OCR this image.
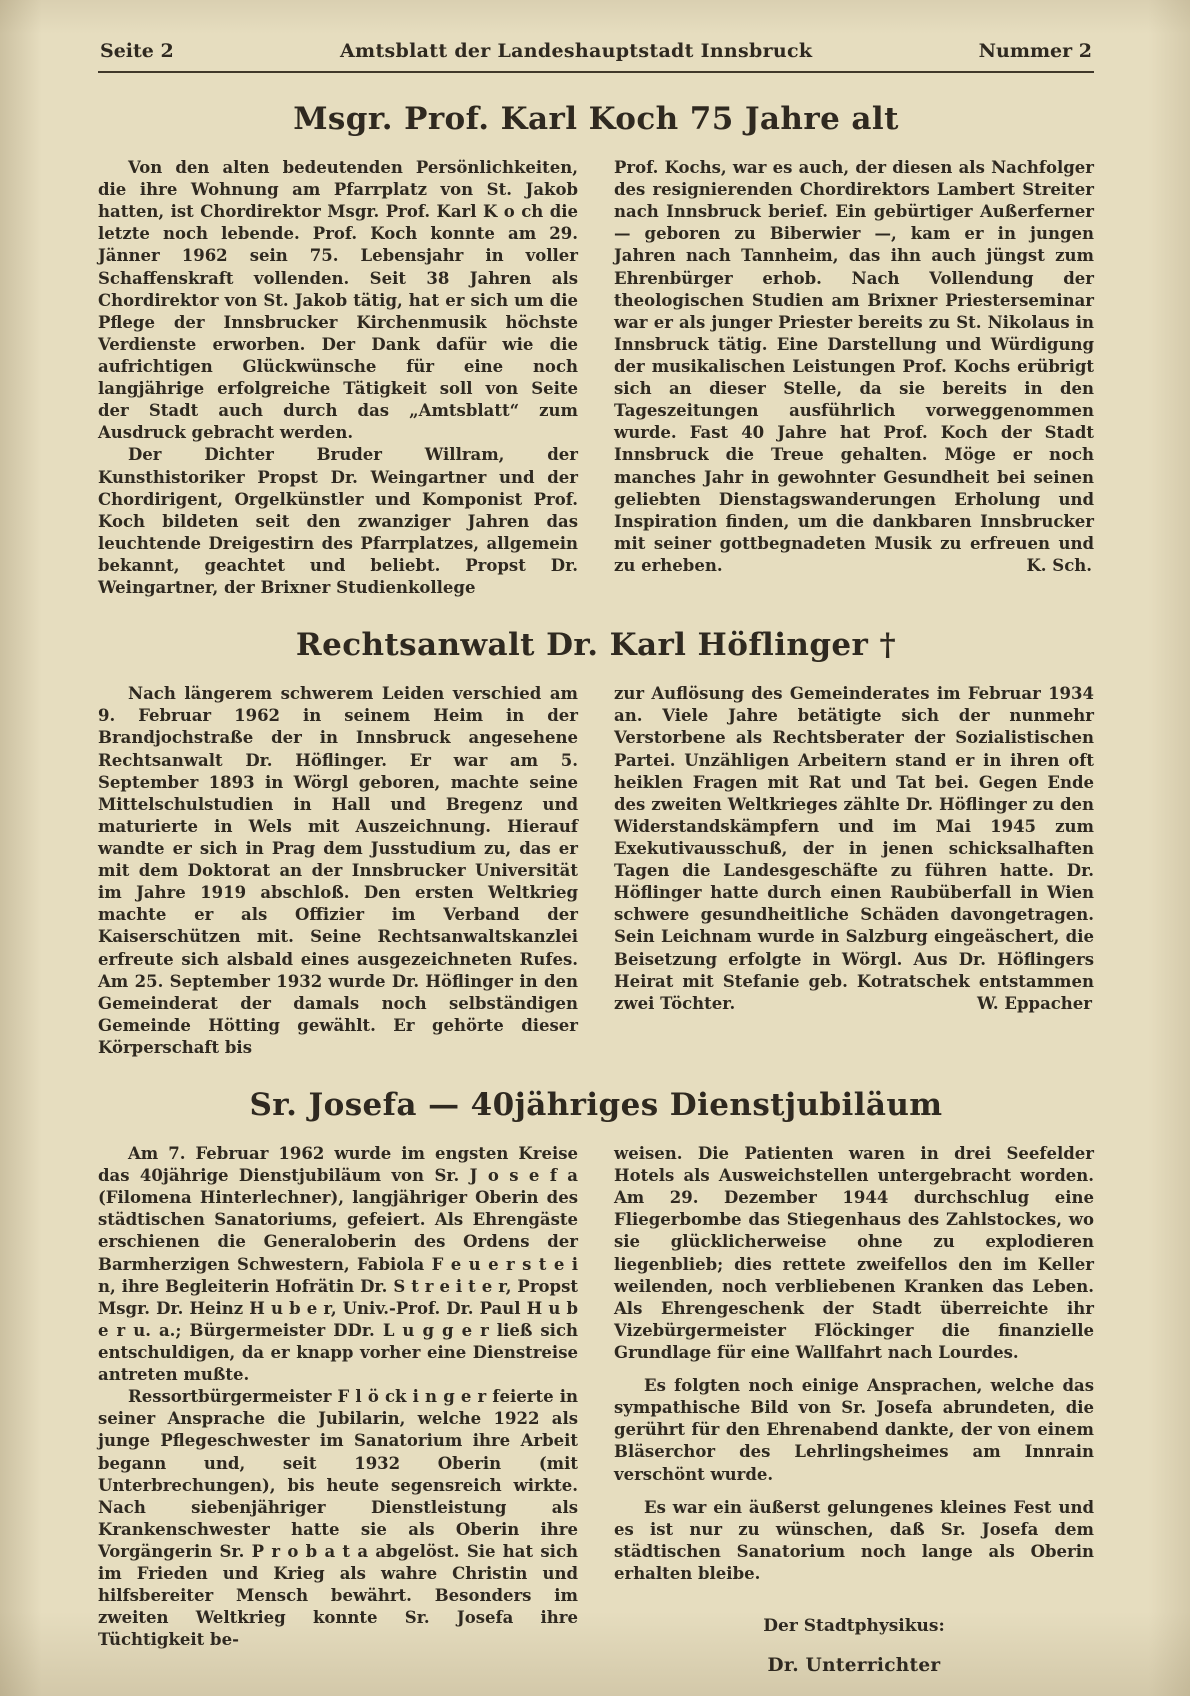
Seite 2	Amtsblatt der Landeshauptstadt Innsbruck	Nummer 2
Msgr. Prof. Karl Koch 75 Jahre alt

Von den alten bedeutenden Persönlichkeiten, die ihre Wohnung am Pfarrplatz von St. Jakob hatten, ist Chordirektor Msgr. Prof. Karl K o ch die letzte noch lebende. Prof. Koch konnte am 29. Jänner 1962 sein 75. Lebensjahr in voller Schaffenskraft vollenden. Seit 38 Jahren als Chordirektor von St. Jakob tätig, hat er sich um die Pflege der Innsbrucker Kirchenmusik höchste Verdienste erworben. Der Dank dafür wie die aufrichtigen Glückwünsche für eine noch langjährige erfolgreiche Tätigkeit soll von Seite der Stadt auch durch das „Amtsblatt“ zum Ausdruck gebracht werden.

Der Dichter Bruder Willram, der Kunsthistoriker Propst Dr. Weingartner und der Chordirigent, Orgelkünstler und Komponist Prof. Koch bildeten seit den zwanziger Jahren das leuchtende Dreigestirn des Pfarrplatzes, allgemein bekannt, geachtet und beliebt. Propst Dr. Weingartner, der Brixner Studienkollege

Prof. Kochs, war es auch, der diesen als Nachfolger des resignierenden Chordirektors Lambert Streiter nach Innsbruck berief. Ein gebürtiger Außerferner — geboren zu Biberwier —, kam er in jungen Jahren nach Tannheim, das ihn auch jüngst zum Ehrenbürger erhob. Nach Vollendung der theologischen Studien am Brixner Priesterseminar war er als junger Priester bereits zu St. Nikolaus in Innsbruck tätig. Eine Darstellung und Würdigung der musikalischen Leistungen Prof. Kochs erübrigt sich an dieser Stelle, da sie bereits in den Tageszeitungen ausführlich vorweggenommen wurde. Fast 40 Jahre hat Prof. Koch der Stadt Innsbruck die Treue gehalten. Möge er noch manches Jahr in gewohnter Gesundheit bei seinen geliebten Dienstagswanderungen Erholung und Inspiration finden, um die dankbaren Innsbrucker mit seiner gottbegnadeten Musik zu erfreuen und zu erheben.	K. Sch.
Rechtsanwalt Dr. Karl Höflinger †

Nach längerem schwerem Leiden verschied am 9. Februar 1962 in seinem Heim in der Brandjochstraße der in Innsbruck angesehene Rechtsanwalt Dr. Höflinger. Er war am 5. September 1893 in Wörgl geboren, machte seine Mittelschulstudien in Hall und Bregenz und maturierte in Wels mit Auszeichnung. Hierauf wandte er sich in Prag dem Jusstudium zu, das er mit dem Doktorat an der Innsbrucker Universität im Jahre 1919 abschloß. Den ersten Weltkrieg machte er als Offizier im Verband der Kaiserschützen mit. Seine Rechtsanwaltskanzlei erfreute sich alsbald eines ausgezeichneten Rufes. Am 25. September 1932 wurde Dr. Höflinger in den Gemeinderat der damals noch selbständigen Gemeinde Hötting gewählt. Er gehörte dieser Körperschaft bis

zur Auflösung des Gemeinderates im Februar 1934 an. Viele Jahre betätigte sich der nunmehr Verstorbene als Rechtsberater der Sozialistischen Partei. Unzähligen Arbeitern stand er in ihren oft heiklen Fragen mit Rat und Tat bei. Gegen Ende des zweiten Weltkrieges zählte Dr. Höflinger zu den Widerstandskämpfern und im Mai 1945 zum Exekutivausschuß, der in jenen schicksalhaften Tagen die Landesgeschäfte zu führen hatte. Dr. Höflinger hatte durch einen Raubüberfall in Wien schwere gesundheitliche Schäden davongetragen. Sein Leichnam wurde in Salzburg eingeäschert, die Beisetzung erfolgte in Wörgl. Aus Dr. Höflingers Heirat mit Stefanie geb. Kotratschek entstammen zwei Töchter.	W. Eppacher
Sr. Josefa — 40jähriges Dienstjubiläum

Am 7. Februar 1962 wurde im engsten Kreise das 40jährige Dienstjubiläum von Sr. J o s e f a (Filomena Hinterlechner), langjähriger Oberin des städtischen Sanatoriums, gefeiert. Als Ehrengäste erschienen die Generaloberin des Ordens der Barmherzigen Schwestern, Fabiola F e u e r s t e i n, ihre Begleiterin Hofrätin Dr. S t r e i t e r, Propst Msgr. Dr. Heinz H u b e r, Univ.-Prof. Dr. Paul H u b e r u. a.; Bürgermeister DDr. L u g g e r ließ sich entschuldigen, da er knapp vorher eine Dienstreise antreten mußte.

Ressortbürgermeister F l ö ck i n g e r feierte in seiner Ansprache die Jubilarin, welche 1922 als junge Pflegeschwester im Sanatorium ihre Arbeit begann und, seit 1932 Oberin (mit Unterbrechungen), bis heute segensreich wirkte. Nach siebenjähriger Dienstleistung als Krankenschwester hatte sie als Oberin ihre Vorgängerin Sr. P r o b a t a abgelöst. Sie hat sich im Frieden und Krieg als wahre Christin und hilfsbereiter Mensch bewährt. Besonders im zweiten Weltkrieg konnte Sr. Josefa ihre Tüchtigkeit be-

weisen. Die Patienten waren in drei Seefelder Hotels als Ausweichstellen untergebracht worden. Am 29. Dezember 1944 durchschlug eine Fliegerbombe das Stiegenhaus des Zahlstockes, wo sie glücklicherweise ohne zu explodieren liegenblieb; dies rettete zweifellos den im Keller weilenden, noch verbliebenen Kranken das Leben. Als Ehrengeschenk der Stadt überreichte ihr Vizebürgermeister Flöckinger die finanzielle Grundlage für eine Wallfahrt nach Lourdes.

Es folgten noch einige Ansprachen, welche das sympathische Bild von Sr. Josefa abrundeten, die gerührt für den Ehrenabend dankte, der von einem Bläserchor des Lehrlingsheimes am Innrain verschönt wurde.

Es war ein äußerst gelungenes kleines Fest und es ist nur zu wünschen, daß Sr. Josefa dem städtischen Sanatorium noch lange als Oberin erhalten bleibe.

Der Stadtphysikus:
Dr. Unterrichter
